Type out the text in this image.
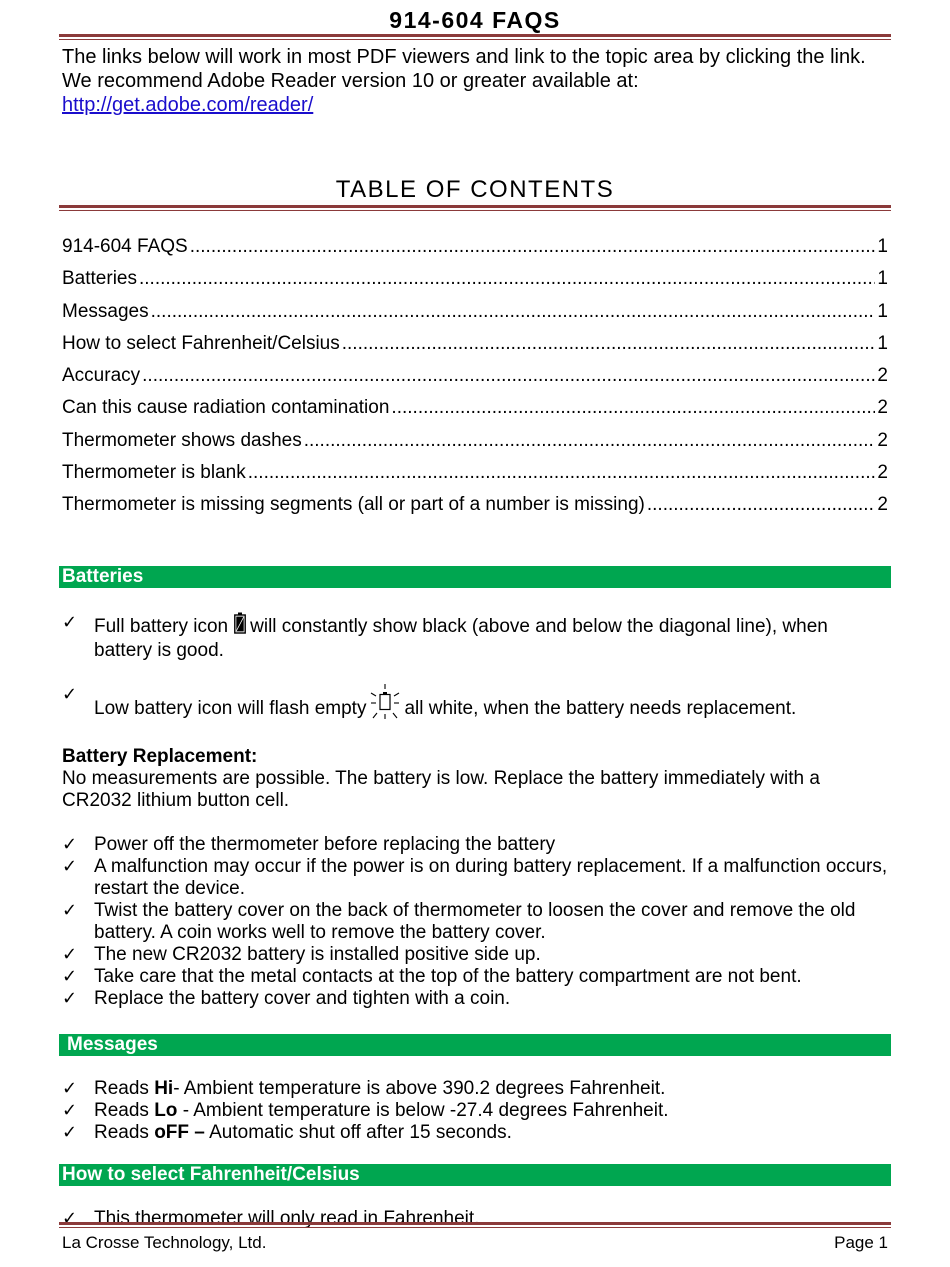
914-604 FAQS
The links below will work in most PDF viewers and link to the topic area by clicking the link. We recommend Adobe Reader version 10 or greater available at:
http://get.adobe.com/reader/
TABLE OF CONTENTS
914-604 FAQS .....	1
Batteries .....	1
Messages .....	1
How to select Fahrenheit/Celsius .....	1
Accuracy .....	2
Can this cause radiation contamination .....	2
Thermometer shows dashes .....	2
Thermometer is blank .....	2
Thermometer is missing segments (all or part of a number is missing) .....	2
Batteries
✓ Full battery icon will constantly show black (above and below the diagonal line), when battery is good.
✓
Low battery icon will flash empty all white, when the battery needs replacement.
Battery Replacement:
No measurements are possible. The battery is low. Replace the battery immediately with a CR2032 lithium button cell.
✓ Power off the thermometer before replacing the battery
✓ A malfunction may occur if the power is on during battery replacement. If a malfunction occurs, restart the device.
✓ Twist the battery cover on the back of thermometer to loosen the cover and remove the old battery. A coin works well to remove the battery cover.
✓ The new CR2032 battery is installed positive side up.
✓ Take care that the metal contacts at the top of the battery compartment are not bent.
✓ Replace the battery cover and tighten with a coin.
Messages
✓ Reads Hi- Ambient temperature is above 390.2 degrees Fahrenheit.
✓ Reads Lo - Ambient temperature is below -27.4 degrees Fahrenheit.
✓ Reads oFF – Automatic shut off after 15 seconds.
How to select Fahrenheit/Celsius
✓ This thermometer will only read in Fahrenheit.
La Crosse Technology, Ltd.	Page 1
